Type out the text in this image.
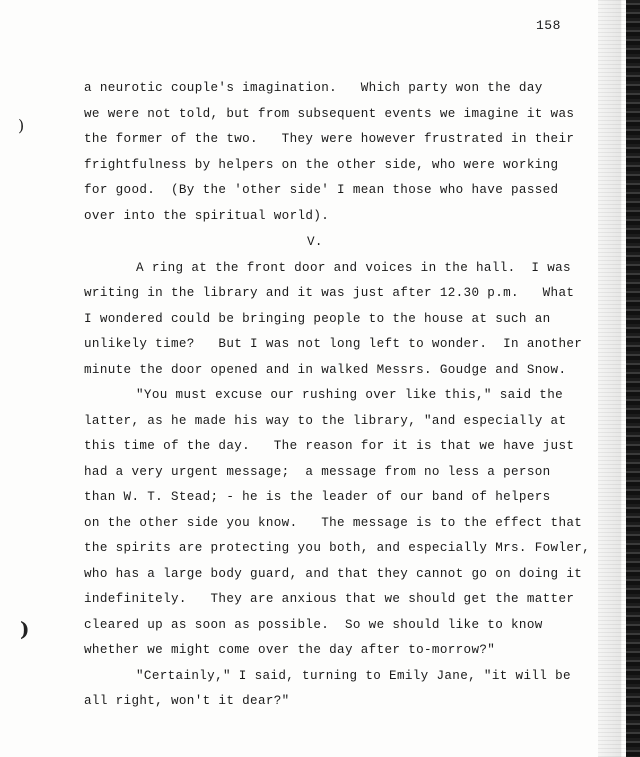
158
)
)
a neurotic couple's imagination.   Which party won the day
we were not told, but from subsequent events we imagine it was
the former of the two.   They were however frustrated in their
frightfulness by helpers on the other side, who were working
for good.  (By the 'other side' I mean those who have passed
over into the spiritual world).
V.
A ring at the front door and voices in the hall.  I was
writing in the library and it was just after 12.30 p.m.   What
I wondered could be bringing people to the house at such an
unlikely time?   But I was not long left to wonder.  In another
minute the door opened and in walked Messrs. Goudge and Snow.
"You must excuse our rushing over like this," said the
latter, as he made his way to the library, "and especially at
this time of the day.   The reason for it is that we have just
had a very urgent message;  a message from no less a person
than W. T. Stead; - he is the leader of our band of helpers
on the other side you know.   The message is to the effect that
the spirits are protecting you both, and especially Mrs. Fowler,
who has a large body guard, and that they cannot go on doing it
indefinitely.   They are anxious that we should get the matter
cleared up as soon as possible.  So we should like to know
whether we might come over the day after to-morrow?"
"Certainly," I said, turning to Emily Jane, "it will be
all right, won't it dear?"
